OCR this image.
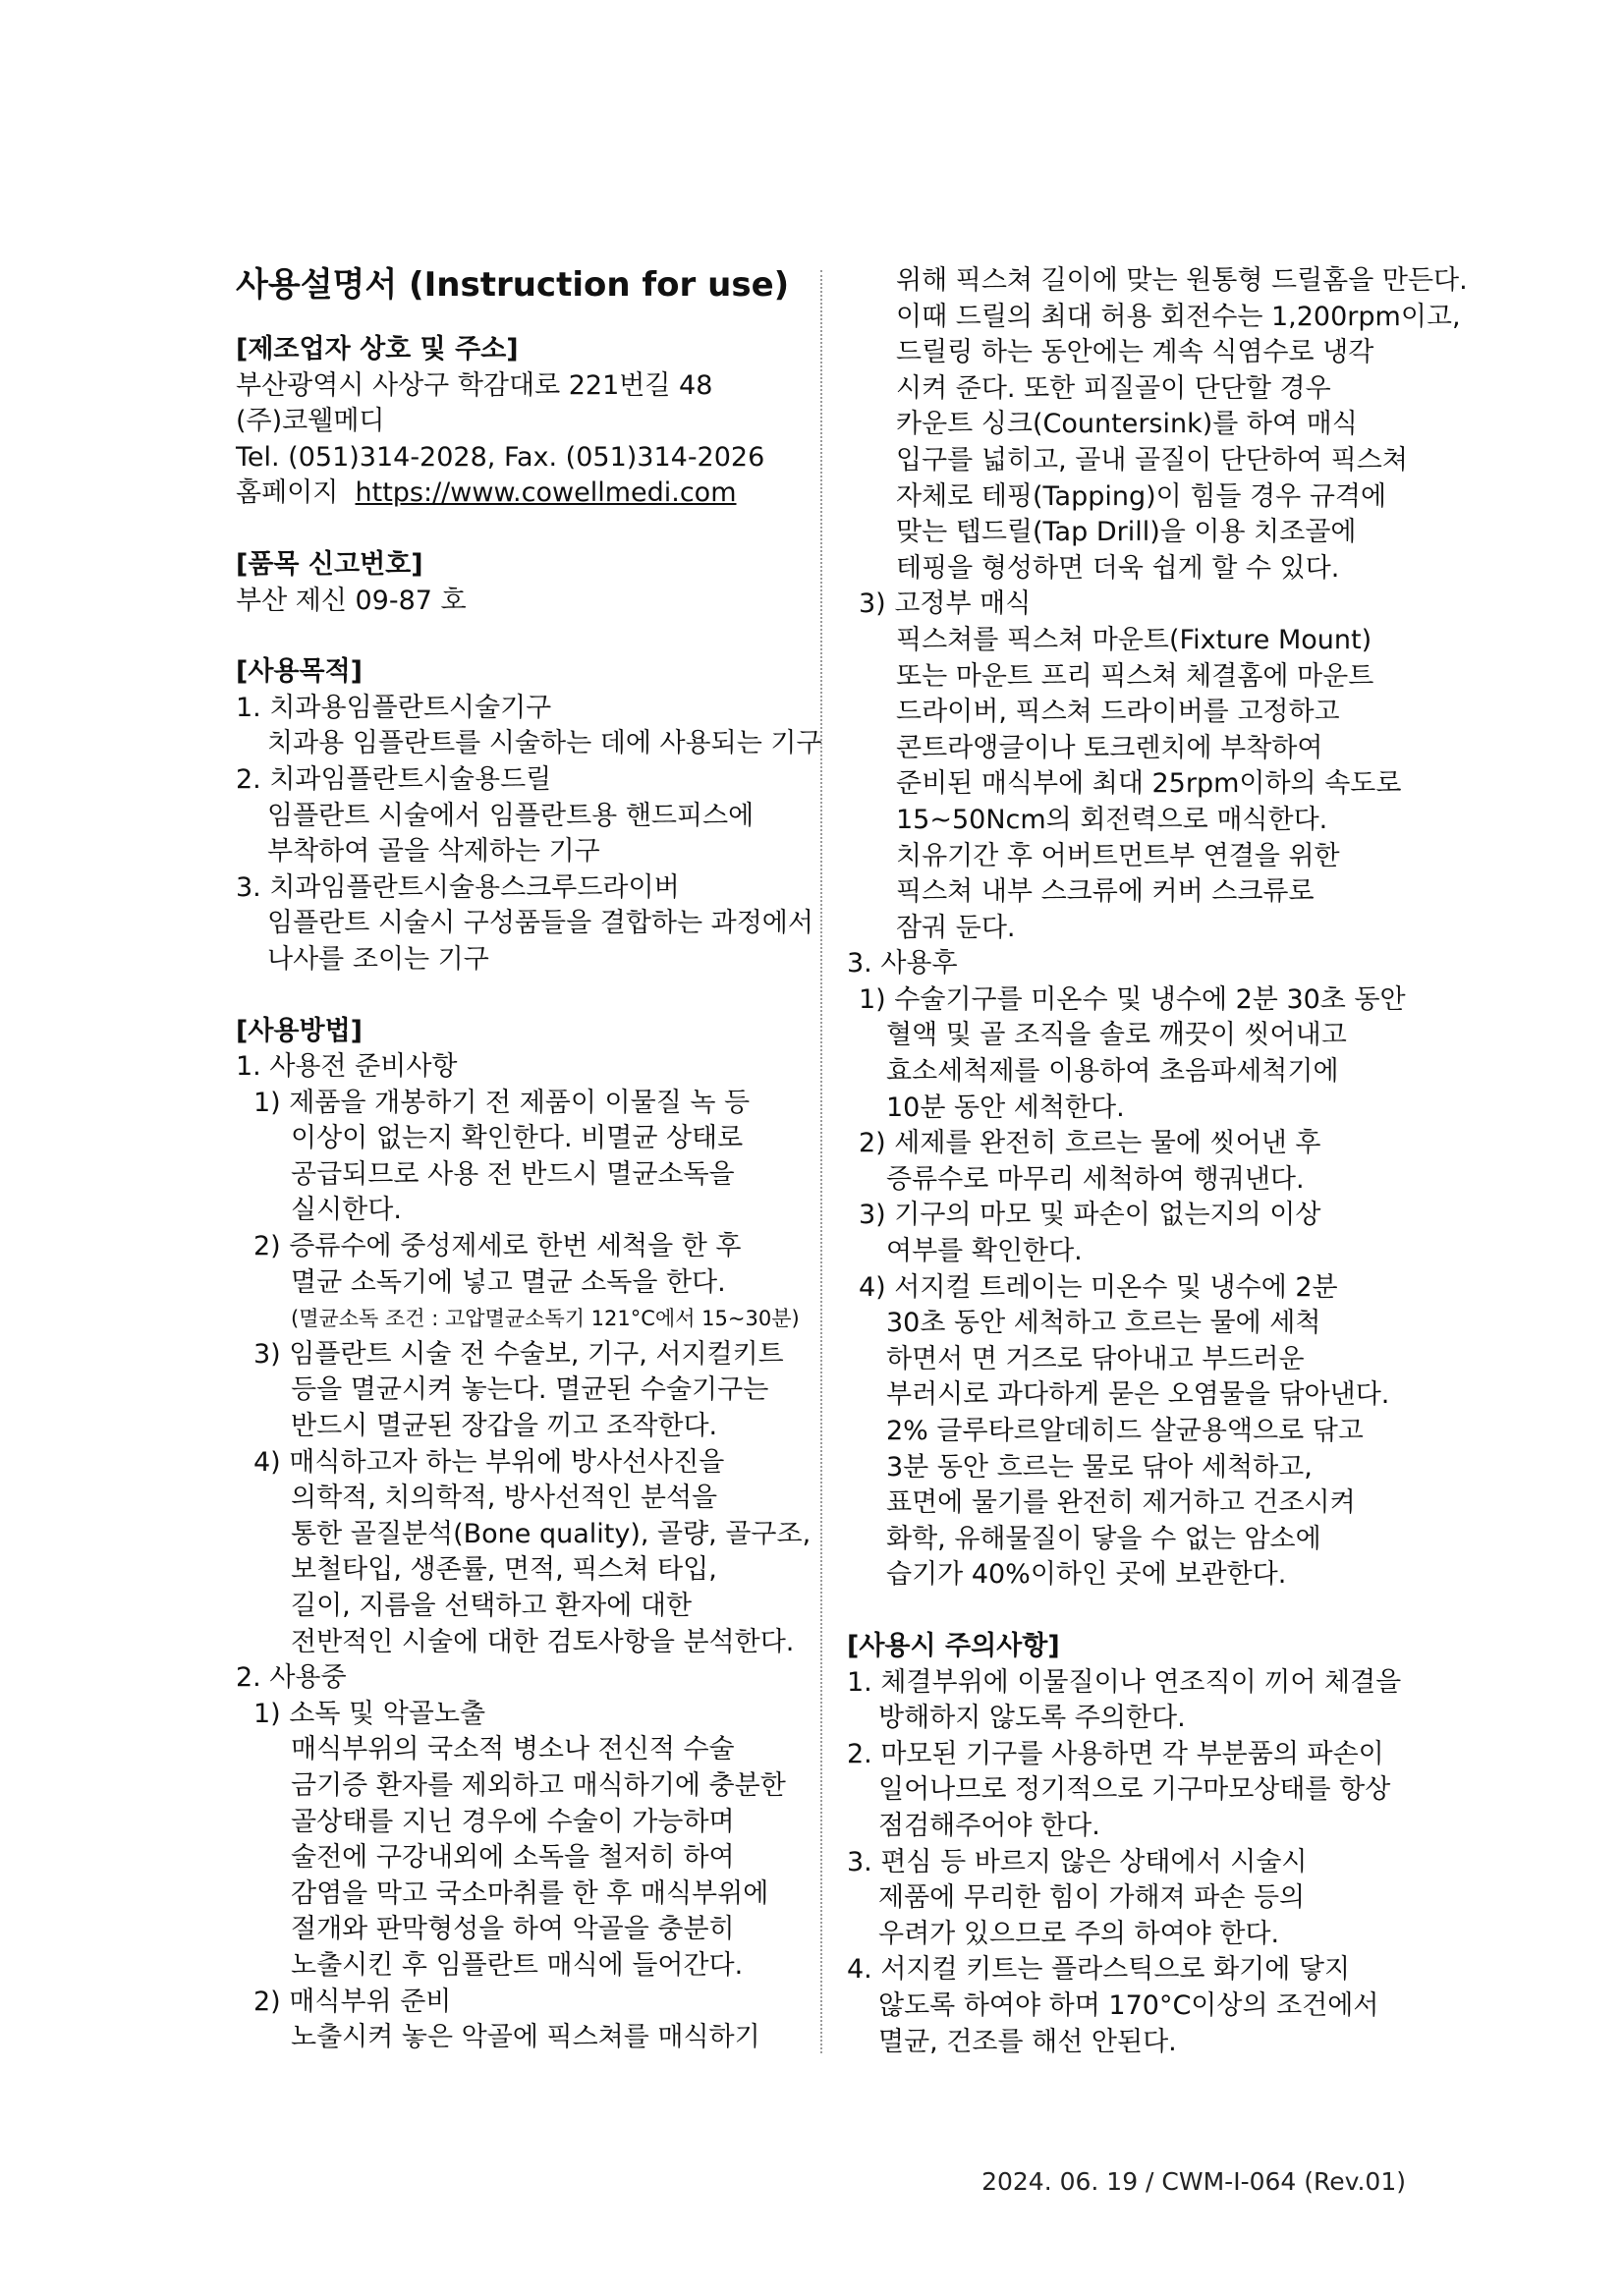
사용설명서 (Instruction for use)
[제조업자 상호 및 주소]
부산광역시 사상구 학감대로 221번길 48
(주)코웰메디
Tel. (051)314-2028, Fax. (051)314-2026
홈페이지 https://www.cowellmedi.com
[품목 신고번호]
부산 제신 09-87 호
[사용목적]
1. 치과용임플란트시술기구
치과용 임플란트를 시술하는 데에 사용되는 기구
2. 치과임플란트시술용드릴
임플란트 시술에서 임플란트용 핸드피스에
부착하여 골을 삭제하는 기구
3. 치과임플란트시술용스크루드라이버
임플란트 시술시 구성품들을 결합하는 과정에서
나사를 조이는 기구
[사용방법]
1. 사용전 준비사항
1) 제품을 개봉하기 전 제품이 이물질 녹 등
이상이 없는지 확인한다. 비멸균 상태로
공급되므로 사용 전 반드시 멸균소독을
실시한다.
2) 증류수에 중성제세로 한번 세척을 한 후
멸균 소독기에 넣고 멸균 소독을 한다.
(멸균소독 조건 : 고압멸균소독기 121°C에서 15~30분)
3) 임플란트 시술 전 수술보, 기구, 서지컬키트
등을 멸균시켜 놓는다. 멸균된 수술기구는
반드시 멸균된 장갑을 끼고 조작한다.
4) 매식하고자 하는 부위에 방사선사진을
의학적, 치의학적, 방사선적인 분석을
통한 골질분석(Bone quality), 골량, 골구조,
보철타입, 생존률, 면적, 픽스쳐 타입,
길이, 지름을 선택하고 환자에 대한
전반적인 시술에 대한 검토사항을 분석한다.
2. 사용중
1) 소독 및 악골노출
매식부위의 국소적 병소나 전신적 수술
금기증 환자를 제외하고 매식하기에 충분한
골상태를 지닌 경우에 수술이 가능하며
술전에 구강내외에 소독을 철저히 하여
감염을 막고 국소마취를 한 후 매식부위에
절개와 판막형성을 하여 악골을 충분히
노출시킨 후 임플란트 매식에 들어간다.
2) 매식부위 준비
노출시켜 놓은 악골에 픽스쳐를 매식하기
위해 픽스쳐 길이에 맞는 원통형 드릴홈을 만든다.
이때 드릴의 최대 허용 회전수는 1,200rpm이고,
드릴링 하는 동안에는 계속 식염수로 냉각
시켜 준다. 또한 피질골이 단단할 경우
카운트 싱크(Countersink)를 하여 매식
입구를 넓히고, 골내 골질이 단단하여 픽스쳐
자체로 테핑(Tapping)이 힘들 경우 규격에
맞는 텝드릴(Tap Drill)을 이용 치조골에
테핑을 형성하면 더욱 쉽게 할 수 있다.
3) 고정부 매식
픽스쳐를 픽스쳐 마운트(Fixture Mount)
또는 마운트 프리 픽스쳐 체결홈에 마운트
드라이버, 픽스쳐 드라이버를 고정하고
콘트라앵글이나 토크렌치에 부착하여
준비된 매식부에 최대 25rpm이하의 속도로
15~50Ncm의 회전력으로 매식한다.
치유기간 후 어버트먼트부 연결을 위한
픽스쳐 내부 스크류에 커버 스크류로
잠궈 둔다.
3. 사용후
1) 수술기구를 미온수 및 냉수에 2분 30초 동안
혈액 및 골 조직을 솔로 깨끗이 씻어내고
효소세척제를 이용하여 초음파세척기에
10분 동안 세척한다.
2) 세제를 완전히 흐르는 물에 씻어낸 후
증류수로 마무리 세척하여 행궈낸다.
3) 기구의 마모 및 파손이 없는지의 이상
여부를 확인한다.
4) 서지컬 트레이는 미온수 및 냉수에 2분
30초 동안 세척하고 흐르는 물에 세척
하면서 면 거즈로 닦아내고 부드러운
부러시로 과다하게 묻은 오염물을 닦아낸다.
2% 글루타르알데히드 살균용액으로 닦고
3분 동안 흐르는 물로 닦아 세척하고,
표면에 물기를 완전히 제거하고 건조시켜
화학, 유해물질이 닿을 수 없는 암소에
습기가 40%이하인 곳에 보관한다.
[사용시 주의사항]
1. 체결부위에 이물질이나 연조직이 끼어 체결을
방해하지 않도록 주의한다.
2. 마모된 기구를 사용하면 각 부분품의 파손이
일어나므로 정기적으로 기구마모상태를 항상
점검해주어야 한다.
3. 편심 등 바르지 않은 상태에서 시술시
제품에 무리한 힘이 가해져 파손 등의
우려가 있으므로 주의 하여야 한다.
4. 서지컬 키트는 플라스틱으로 화기에 닿지
않도록 하여야 하며 170°C이상의 조건에서
멸균, 건조를 해선 안된다.
2024. 06. 19 / CWM-I-064 (Rev.01)
